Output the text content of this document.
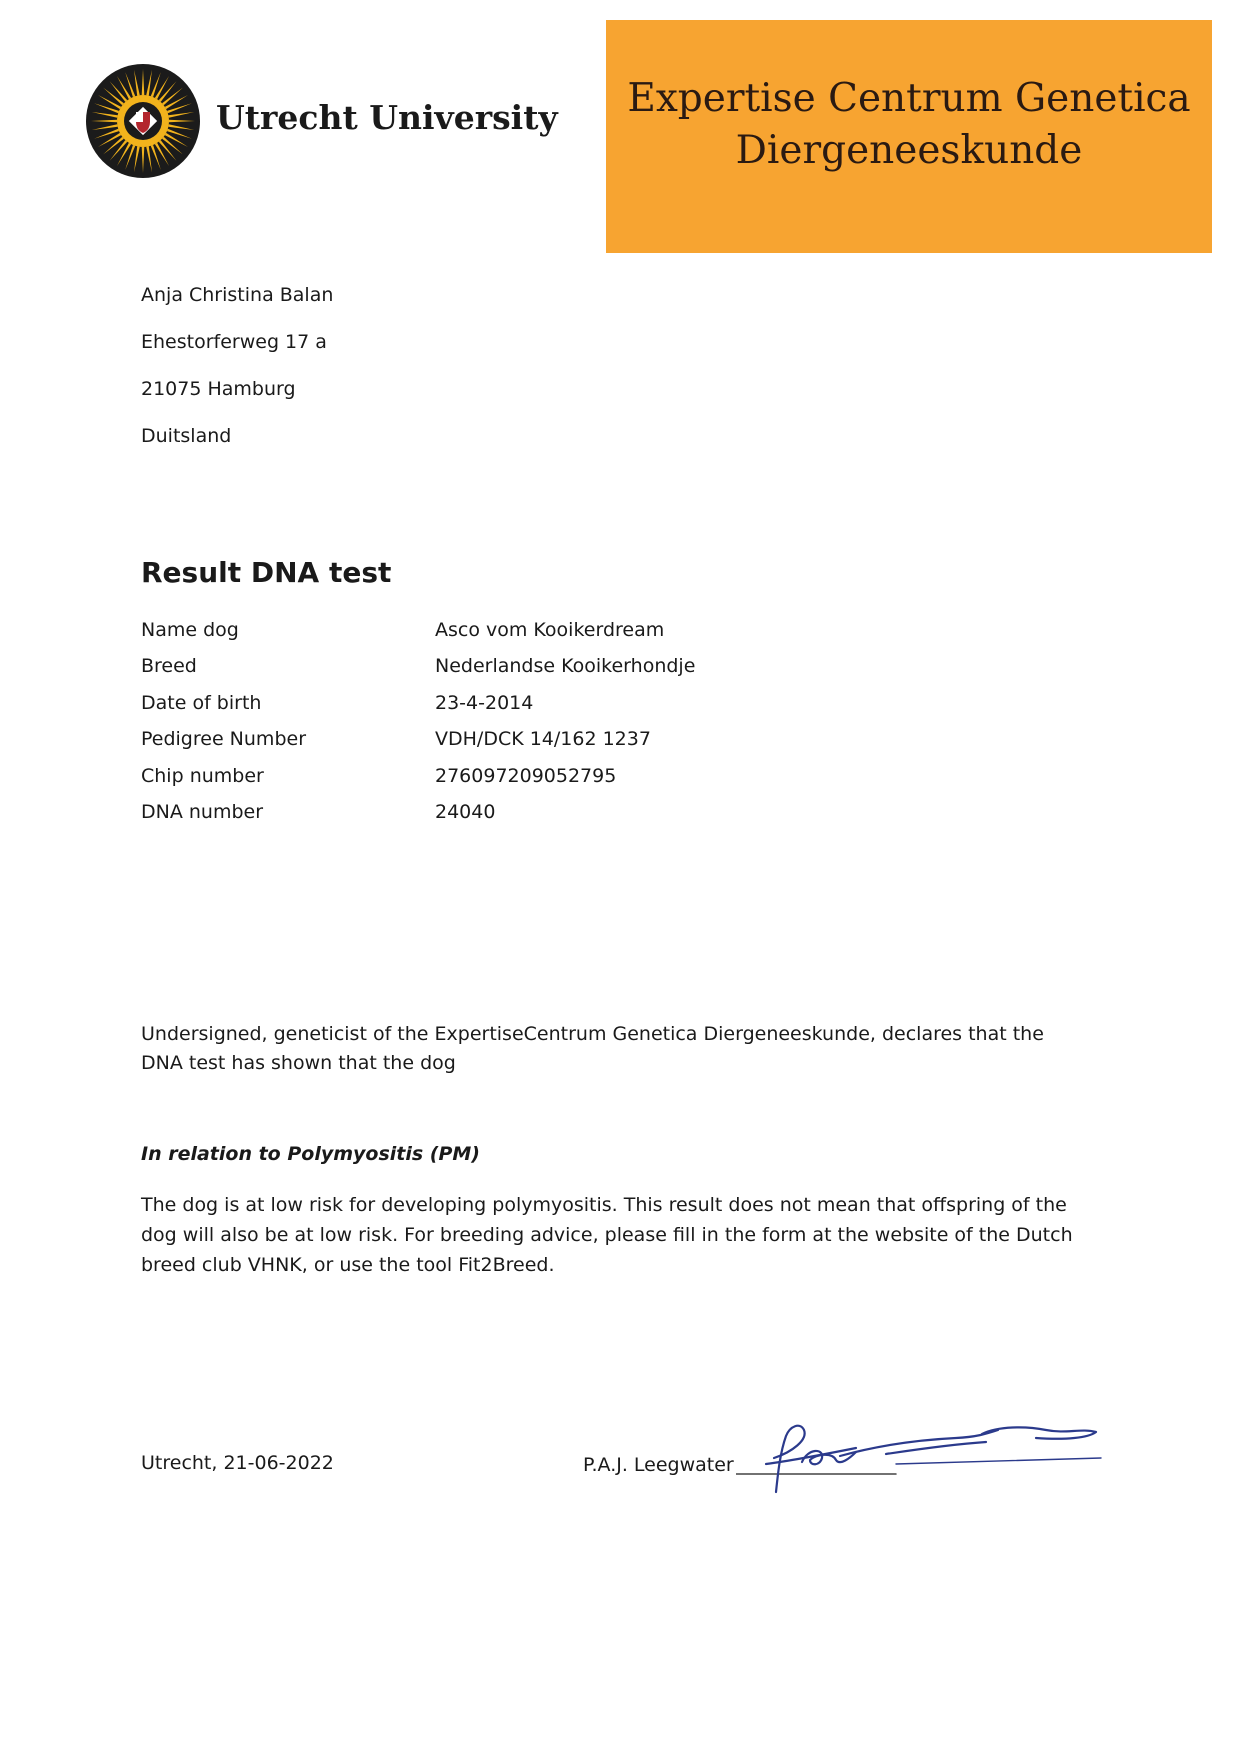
Utrecht University	Expertise Centrum Genetica
Diergeneeskunde
Anja Christina Balan
Ehestorferweg 17 a
21075 Hamburg
Duitsland
Result DNA test
Name dog	Asco vom Kooikerdream
Breed	Nederlandse Kooikerhondje
Date of birth	23-4-2014
Pedigree Number	VDH/DCK 14/162 1237
Chip number	276097209052795
DNA number	24040
Undersigned, geneticist of the ExpertiseCentrum Genetica Diergeneeskunde, declares that the DNA test has shown that the dog
In relation to Polymyositis (PM)
The dog is at low risk for developing polymyositis. This result does not mean that offspring of the dog will also be at low risk. For breeding advice, please fill in the form at the website of the Dutch breed club VHNK, or use the tool Fit2Breed.
Utrecht, 21-06-2022	P.A.J. Leegwater
